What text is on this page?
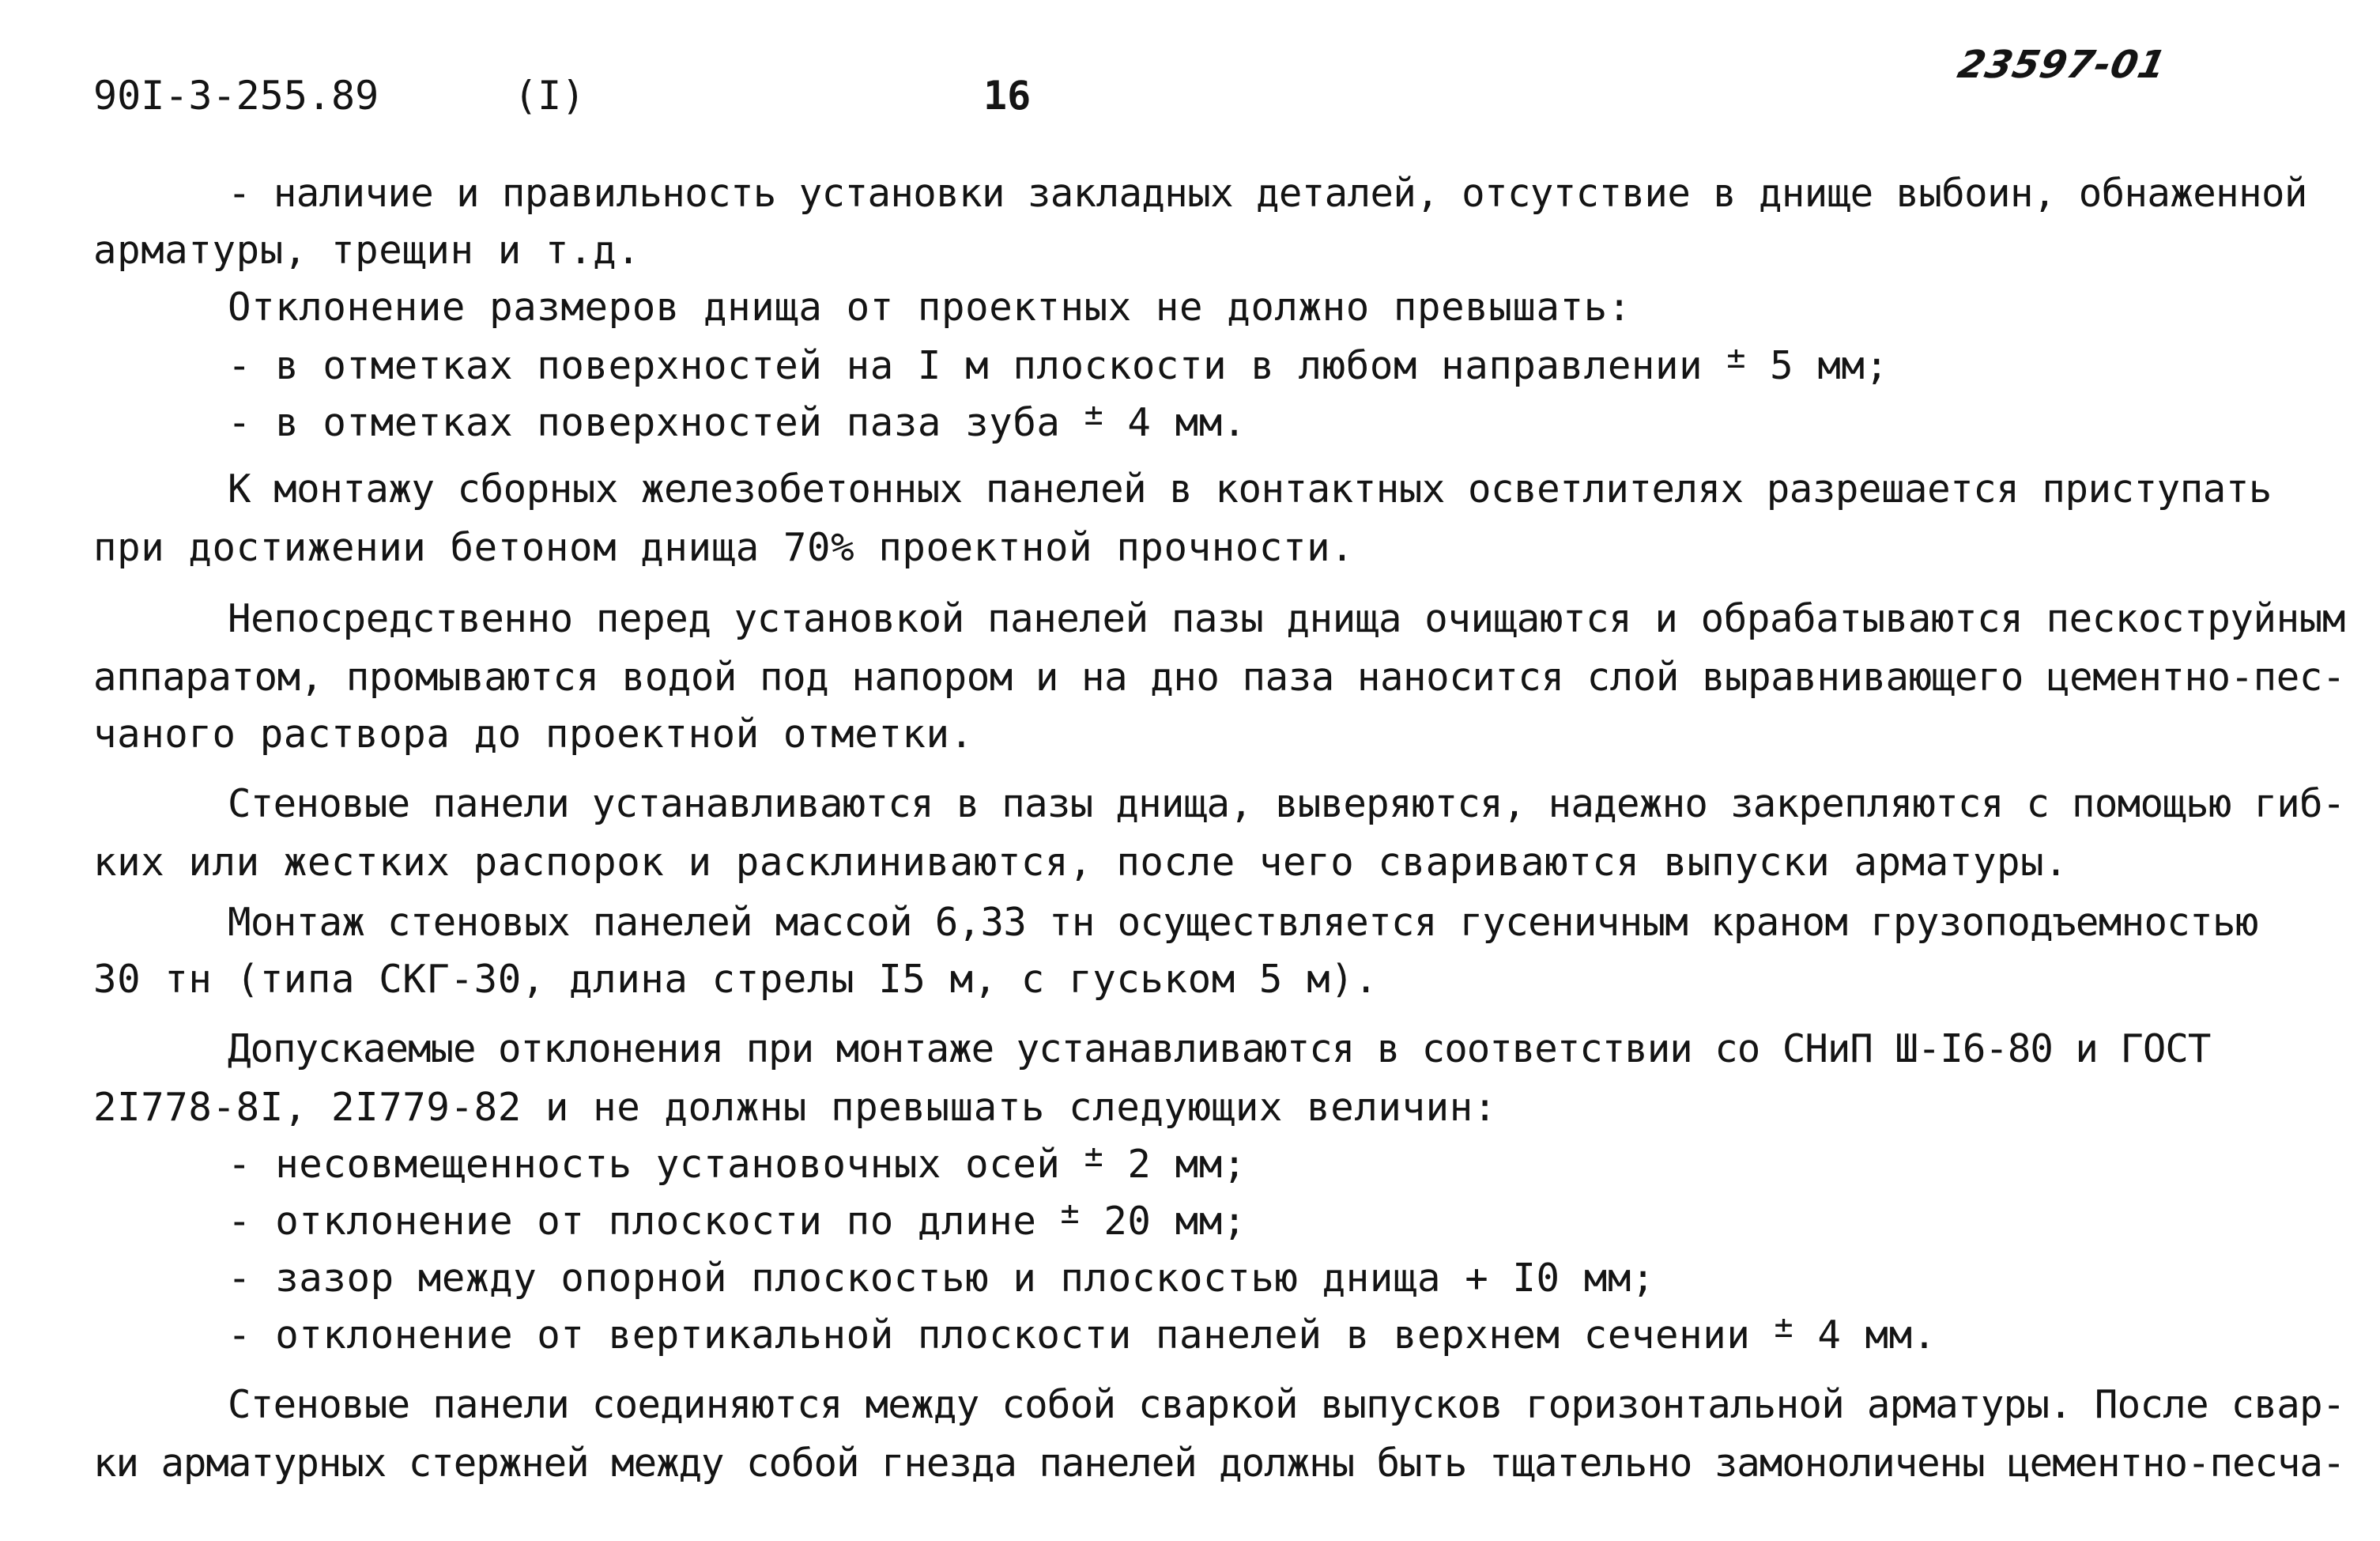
90I-3-255.89	(I)	16
23597-01
- наличие и правильность установки закладных деталей, отсутствие в днище выбоин, обнаженной
арматуры, трещин и т.д.
Отклонение размеров днища от проектных не должно превышать:
- в отметках поверхностей на I м плоскости в любом направлении ± 5 мм;
- в отметках поверхностей паза зуба ± 4 мм.
К монтажу сборных железобетонных панелей в контактных осветлителях разрешается приступать
при достижении бетоном днища 70% проектной прочности.
Непосредственно перед установкой панелей пазы днища очищаются и обрабатываются пескоструйным
аппаратом, промываются водой под напором и на дно паза наносится слой выравнивающего цементно-пес-
чаного раствора до проектной отметки.
Стеновые панели устанавливаются в пазы днища, выверяются, надежно закрепляются с помощью гиб-
ких или жестких распорок и расклиниваются, после чего свариваются выпуски арматуры.
Монтаж стеновых панелей массой 6,33 тн осуществляется гусеничным краном грузоподъемностью
30 тн (типа СКГ-30, длина стрелы I5 м, с гуськом 5 м).
Допускаемые отклонения при монтаже устанавливаются в соответствии со СНиП Ш-I6-80 и ГОСТ
2I778-8I, 2I779-82 и не должны превышать следующих величин:
- несовмещенность установочных осей ± 2 мм;
- отклонение от плоскости по длине ± 20 мм;
- зазор между опорной плоскостью и плоскостью днища + I0 мм;
- отклонение от вертикальной плоскости панелей в верхнем сечении ± 4 мм.
Стеновые панели соединяются между собой сваркой выпусков горизонтальной арматуры. После свар-
ки арматурных стержней между собой гнезда панелей должны быть тщательно замоноличены цементно-песча-
